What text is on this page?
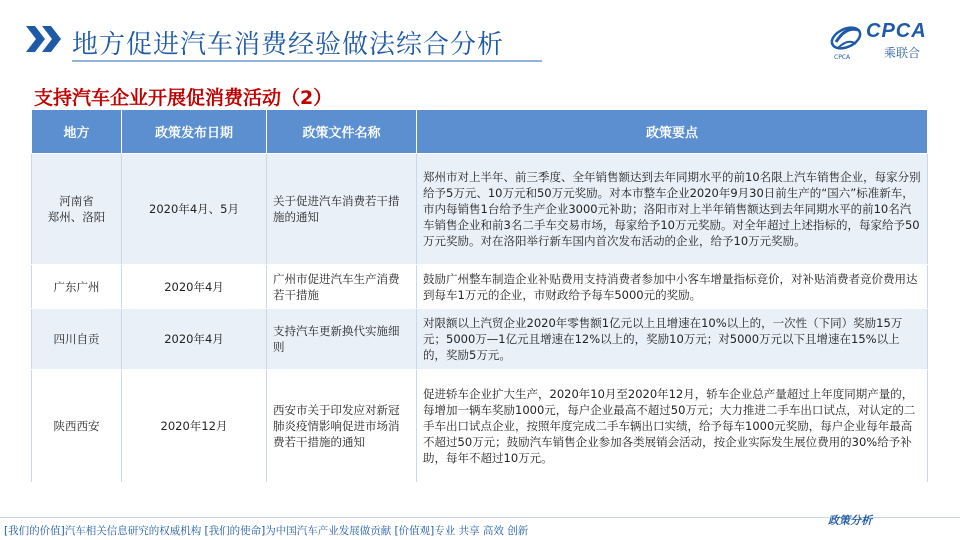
地方促进汽车消费经验做法综合分析	CPCA
乘联合
CPCA
支持汽车企业开展促消费活动（2）
地方	政策发布日期	政策文件名称	政策要点
河南省
郑州、洛阳	2020年4月、5月	关于促进汽车消费若干措施的通知	郑州市对上半年、前三季度、全年销售额达到去年同期水平的前10名限上汽车销售企业，每家分别给予5万元、10万元和50万元奖励。对本市整车企业2020年9月30日前生产的“国六”标准新车，市内每销售1台给予生产企业3000元补助；洛阳市对上半年销售额达到去年同期水平的前10名汽车销售企业和前3名二手车交易市场，每家给予10万元奖励。对全年超过上述指标的，每家给予50万元奖励。对在洛阳举行新车国内首次发布活动的企业，给予10万元奖励。
广东广州	2020年4月	广州市促进汽车生产消费若干措施	鼓励广州整车制造企业补贴费用支持消费者参加中小客车增量指标竞价，对补贴消费者竞价费用达到每车1万元的企业，市财政给予每车5000元的奖励。
四川自贡	2020年4月	支持汽车更新换代实施细则	对限额以上汽贸企业2020年零售额1亿元以上且增速在10%以上的，一次性（下同）奖励15万元；5000万—1亿元且增速在12%以上的，奖励10万元；对5000万元以下且增速在15%以上的，奖励5万元。
陕西西安	2020年12月	西安市关于印发应对新冠肺炎疫情影响促进市场消费若干措施的通知	促进轿车企业扩大生产，2020年10月至2020年12月，轿车企业总产量超过上年度同期产量的，每增加一辆车奖励1000元，每户企业最高不超过50万元；大力推进二手车出口试点，对认定的二手车出口试点企业，按照年度完成二手车辆出口实绩，给予每车1000元奖励，每户企业每年最高不超过50万元；鼓励汽车销售企业参加各类展销会活动，按企业实际发生展位费用的30%给予补助，每年不超过10万元。
[我们的价值]汽车相关信息研究的权威机构 [我们的使命]为中国汽车产业发展做贡献 [价值观]专业 共享 高效 创新
政策分析
